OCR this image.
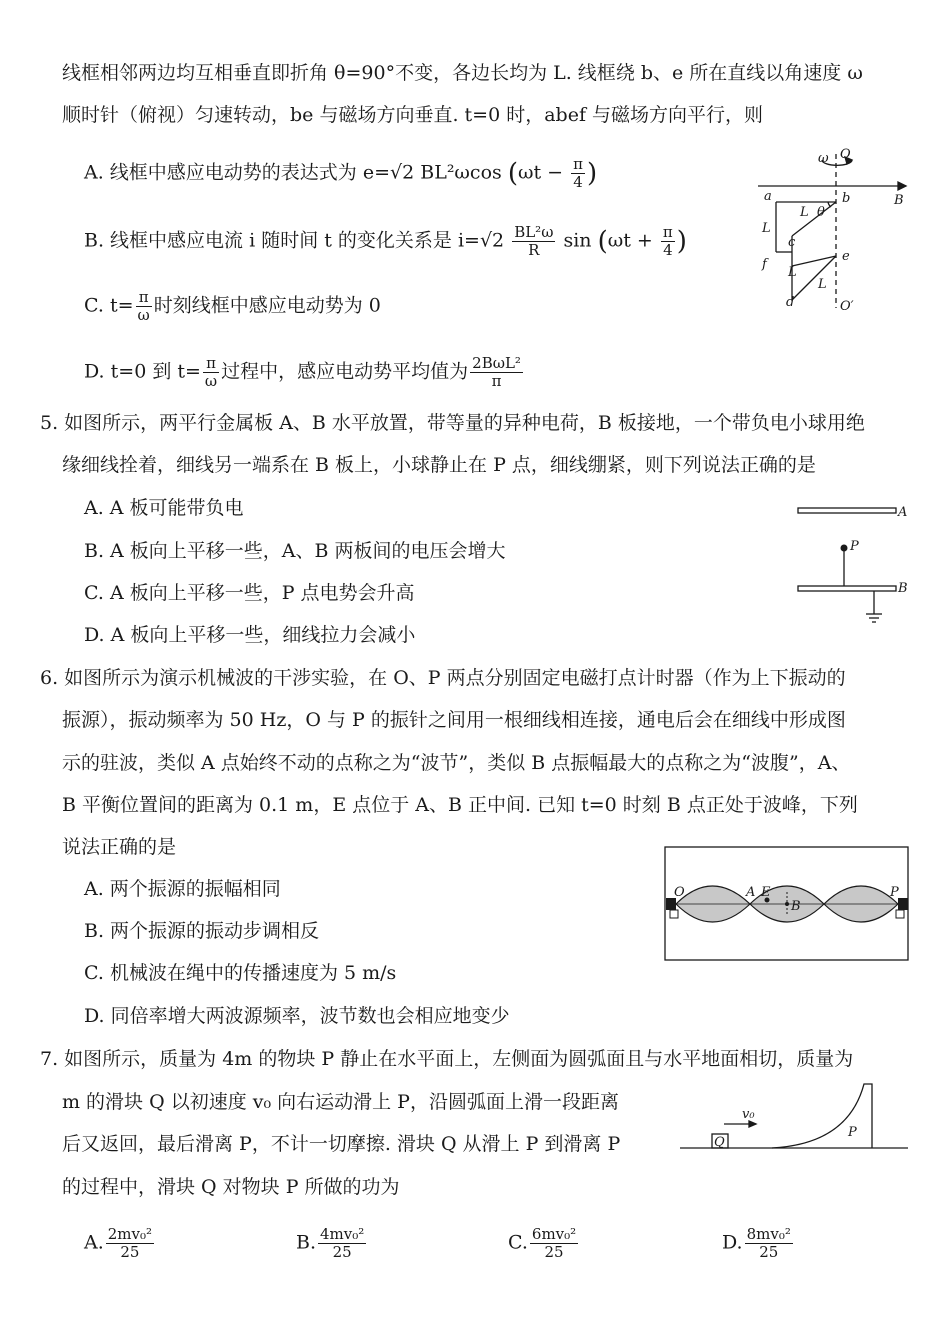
线框相邻两边均互相垂直即折角 θ=90°不变，各边长均为 L. 线框绕 b、e 所在直线以角速度 ω
顺时针（俯视）匀速转动，be 与磁场方向垂直. t=0 时，abef 与磁场方向平行，则
A. 线框中感应电动势的表达式为 e=√2 BL²ωcos ($\omega t - \frac{\pi}{4}$ )
B. 线框中感应电流 i 随时间 t 的变化关系是 $i=√2 \frac{\text{BL²ω}}{R}$ $\sin (\omega t + \frac{\pi}{4}$ )
C. $t= \frac{\pi}{\omega}$ 时刻线框中感应电动势为 0
D. t=0 到 $t= \frac{\pi}{\omega}$ 过程中，感应电动势平均值为 $\frac{\text{2BωL²}}{\pi}$
ω O
a	b	B
L θ
L
c
e
f
L
L
d	O′
5. 如图所示，两平行金属板 A、B 水平放置，带等量的异种电荷，B 板接地，一个带负电小球用绝
缘细线拴着，细线另一端系在 B 板上，小球静止在 P 点，细线绷紧，则下列说法正确的是
A. A 板可能带负电
B. A 板向上平移一些，A、B 两板间的电压会增大
C. A 板向上平移一些，P 点电势会升高
D. A 板向上平移一些，细线拉力会减小
A
P
B
6. 如图所示为演示机械波的干涉实验，在 O、P 两点分别固定电磁打点计时器（作为上下振动的
振源），振动频率为 50 Hz，O 与 P 的振针之间用一根细线相连接，通电后会在细线中形成图
示的驻波，类似 A 点始终不动的点称之为“波节”，类似 B 点振幅最大的点称之为“波腹”，A、
B 平衡位置间的距离为 0.1 m，E 点位于 A、B 正中间. 已知 t=0 时刻 B 点正处于波峰，下列
说法正确的是
A. 两个振源的振幅相同
B. 两个振源的振动步调相反
C. 机械波在绳中的传播速度为 5 m/s
D. 同倍率增大两波源频率，波节数也会相应地变少
O	A E
B
P
7. 如图所示，质量为 4m 的物块 P 静止在水平面上，左侧面为圆弧面且与水平地面相切，质量为
m 的滑块 Q 以初速度 v₀ 向右运动滑上 P，沿圆弧面上滑一段距离
后又返回，最后滑离 P，不计一切摩擦. 滑块 Q 从滑上 P 到滑离 P
的过程中，滑块 Q 对物块 P 所做的功为
v₀
Q
P
A. $\frac{\text{2mv₀²}}{25}$	B. $\frac{\text{4mv₀²}}{25}$	C. $\frac{\text{6mv₀²}}{25}$	D. $\frac{\text{8mv₀²}}{25}$
